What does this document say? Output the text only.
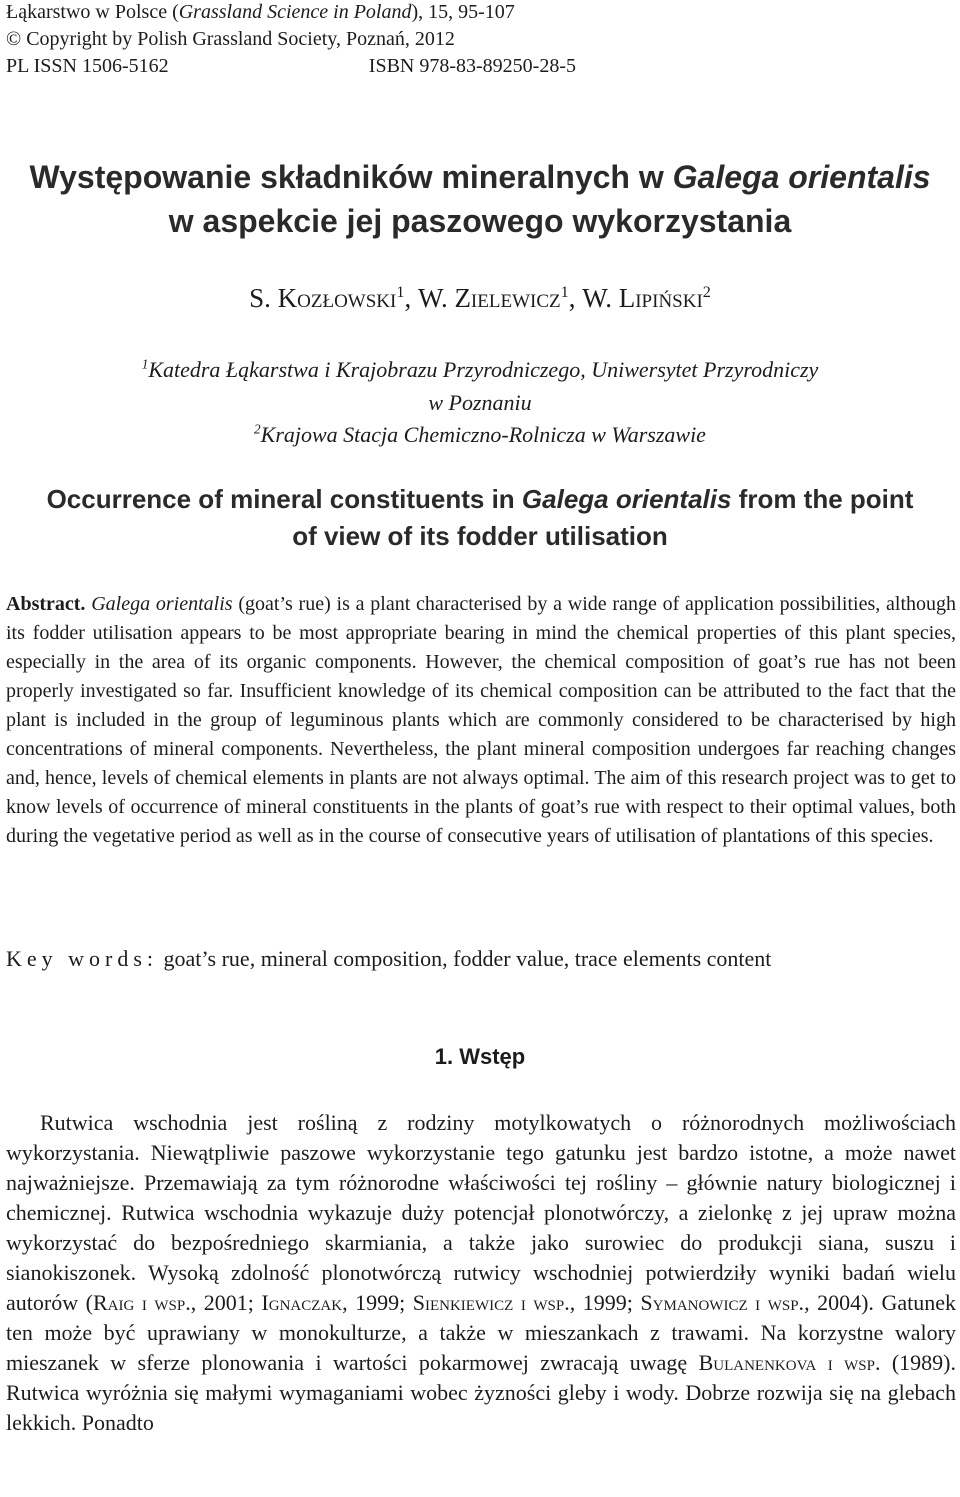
Łąkarstwo w Polsce (Grassland Science in Poland), 15, 95-107
© Copyright by Polish Grassland Society, Poznań, 2012
PL ISSN 1506-5162	ISBN 978-83-89250-28-5
Występowanie składników mineralnych w Galega orientalis
w aspekcie jej paszowego wykorzystania
S. Kozłowski$^1$, W. Zielewicz$^1$, W. Lipiński$^2$
$^1$Katedra Łąkarstwa i Krajobrazu Przyrodniczego, Uniwersytet Przyrodniczy
w Poznaniu
$^2$Krajowa Stacja Chemiczno-Rolnicza w Warszawie
Occurrence of mineral constituents in Galega orientalis from the point
of view of its fodder utilisation
Abstract. Galega orientalis (goat’s rue) is a plant characterised by a wide range of application possibilities, although its fodder utilisation appears to be most appropriate bearing in mind the chemical properties of this plant species, especially in the area of its organic components. However, the chemical composition of goat’s rue has not been properly investigated so far. Insufficient knowledge of its chemical composition can be attributed to the fact that the plant is included in the group of leguminous plants which are commonly considered to be characterised by high concentrations of mineral components. Nevertheless, the plant mineral composition undergoes far reaching changes and, hence, levels of chemical elements in plants are not always optimal. The aim of this research project was to get to know levels of occurrence of mineral constituents in the plants of goat’s rue with respect to their optimal values, both during the vegetative period as well as in the course of consecutive years of utilisation of plantations of this species.
Key words: goat’s rue, mineral composition, fodder value, trace elements content
1. Wstęp
Rutwica wschodnia jest rośliną z rodziny motylkowatych o różnorodnych możliwościach wykorzystania. Niewątpliwie paszowe wykorzystanie tego gatunku jest bardzo istotne, a może nawet najważniejsze. Przemawiają za tym różnorodne właściwości tej rośliny – głównie natury biologicznej i chemicznej. Rutwica wschodnia wykazuje duży potencjał plonotwórczy, a zielonkę z jej upraw można wykorzystać do bezpośredniego skarmiania, a także jako surowiec do produkcji siana, suszu i sianokiszonek. Wysoką zdolność plonotwórczą rutwicy wschodniej potwierdziły wyniki badań wielu autorów (Raig i wsp., 2001; Ignaczak, 1999; Sienkiewicz i wsp., 1999; Symanowicz i wsp., 2004). Gatunek ten może być uprawiany w monokulturze, a także w mieszankach z trawami. Na korzystne walory mieszanek w sferze plonowania i wartości pokarmowej zwracają uwagę Bulanenkova i wsp. (1989). Rutwica wyróżnia się małymi wymaganiami wobec żyzności gleby i wody. Dobrze rozwija się na glebach lekkich. Ponadto
